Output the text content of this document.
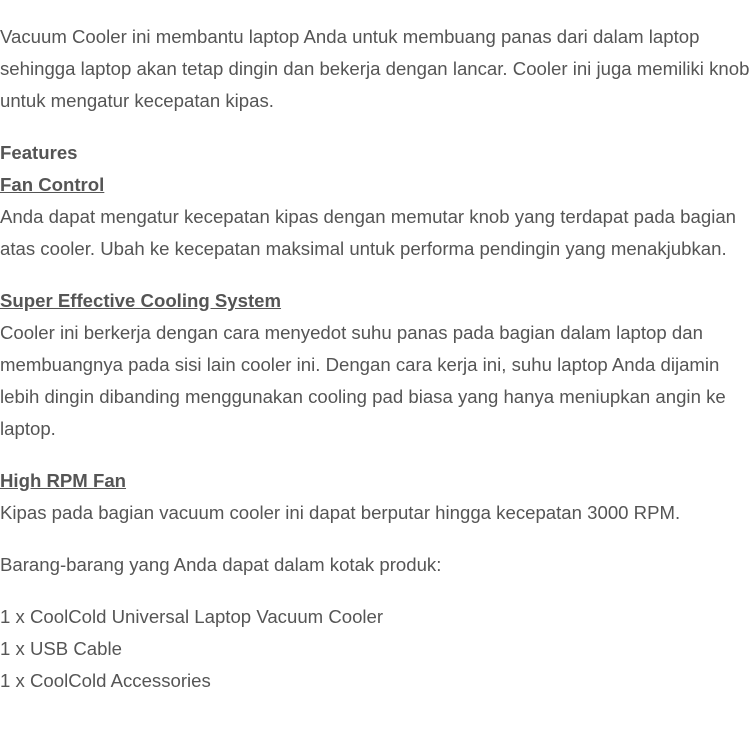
Vacuum Cooler ini membantu laptop Anda untuk membuang panas dari dalam laptop sehingga laptop akan tetap dingin dan bekerja dengan lancar. Cooler ini juga memiliki knob untuk mengatur kecepatan kipas.

Features
Fan Control

Anda dapat mengatur kecepatan kipas dengan memutar knob yang terdapat pada bagian atas cooler. Ubah ke kecepatan maksimal untuk performa pendingin yang menakjubkan.

Super Effective Cooling System

Cooler ini berkerja dengan cara menyedot suhu panas pada bagian dalam laptop dan membuangnya pada sisi lain cooler ini. Dengan cara kerja ini, suhu laptop Anda dijamin lebih dingin dibanding menggunakan cooling pad biasa yang hanya meniupkan angin ke laptop.

High RPM Fan

Kipas pada bagian vacuum cooler ini dapat berputar hingga kecepatan 3000 RPM.

Barang-barang yang Anda dapat dalam kotak produk:

1 x CoolCold Universal Laptop Vacuum Cooler

1 x USB Cable

1 x CoolCold Accessories
